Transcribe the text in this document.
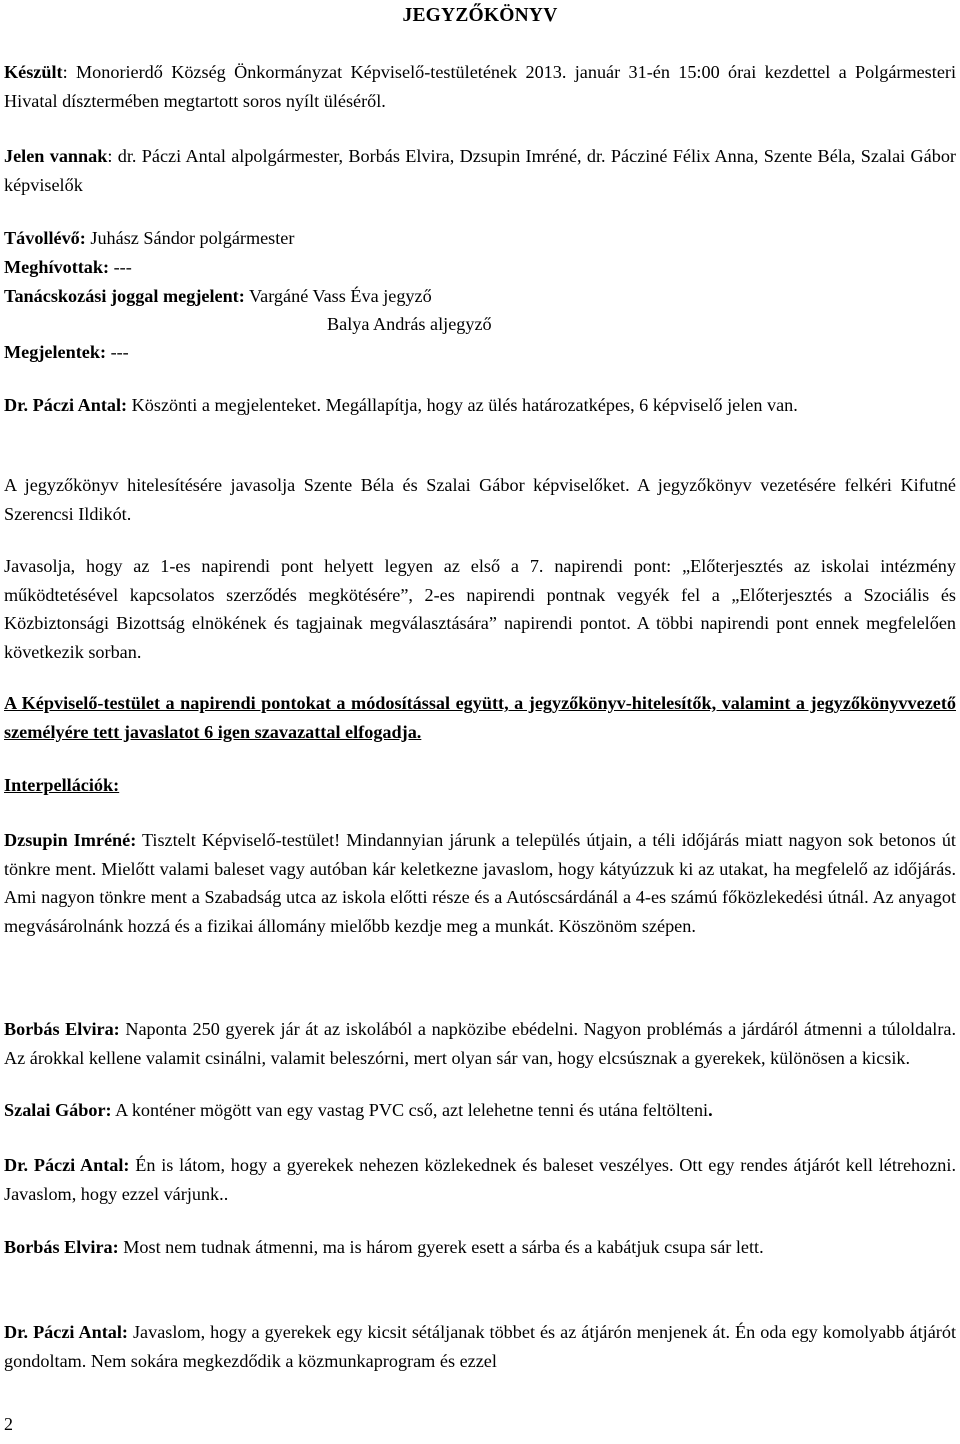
JEGYZŐKÖNYV
Készült: Monorierdő Község Önkormányzat Képviselő-testületének 2013. január 31-én 15:00 órai kezdettel a Polgármesteri Hivatal dísztermében megtartott soros nyílt üléséről.
Jelen vannak: dr. Páczi Antal alpolgármester, Borbás Elvira, Dzsupin Imréné, dr. Pácziné Félix Anna, Szente Béla, Szalai Gábor képviselők
Távollévő: Juhász Sándor polgármester
Meghívottak: ---
Tanácskozási joggal megjelent: Vargáné Vass Éva jegyző
Balya András aljegyző
Megjelentek: ---
Dr. Páczi Antal: Köszönti a megjelenteket. Megállapítja, hogy az ülés határozatképes, 6 képviselő jelen van.
A jegyzőkönyv hitelesítésére javasolja Szente Béla és Szalai Gábor képviselőket. A jegyzőkönyv vezetésére felkéri Kifutné Szerencsi Ildikót.
Javasolja, hogy az 1-es napirendi pont helyett legyen az első a 7. napirendi pont: „Előterjesztés az iskolai intézmény működtetésével kapcsolatos szerződés megkötésére”, 2-es napirendi pontnak vegyék fel a „Előterjesztés a Szociális és Közbiztonsági Bizottság elnökének és tagjainak megválasztására” napirendi pontot. A többi napirendi pont ennek megfelelően következik sorban.
A Képviselő-testület a napirendi pontokat a módosítással együtt, a jegyzőkönyv-hitelesítők, valamint a jegyzőkönyvvezető személyére tett javaslatot 6 igen szavazattal elfogadja.
Interpellációk:
Dzsupin Imréné: Tisztelt Képviselő-testület! Mindannyian járunk a település útjain, a téli időjárás miatt nagyon sok betonos út tönkre ment. Mielőtt valami baleset vagy autóban kár keletkezne javaslom, hogy kátyúzzuk ki az utakat, ha megfelelő az időjárás. Ami nagyon tönkre ment a Szabadság utca az iskola előtti része és a Autóscsárdánál a 4-es számú főközlekedési útnál. Az anyagot megvásárolnánk hozzá és a fizikai állomány mielőbb kezdje meg a munkát. Köszönöm szépen.
Borbás Elvira: Naponta 250 gyerek jár át az iskolából a napközibe ebédelni. Nagyon problémás a járdáról átmenni a túloldalra. Az árokkal kellene valamit csinálni, valamit beleszórni, mert olyan sár van, hogy elcsúsznak a gyerekek, különösen a kicsik.
Szalai Gábor: A konténer mögött van egy vastag PVC cső, azt lelehetne tenni és utána feltölteni.
Dr. Páczi Antal: Én is látom, hogy a gyerekek nehezen közlekednek és baleset veszélyes. Ott egy rendes átjárót kell létrehozni. Javaslom, hogy ezzel várjunk..
Borbás Elvira: Most nem tudnak átmenni, ma is három gyerek esett a sárba és a kabátjuk csupa sár lett.
Dr. Páczi Antal: Javaslom, hogy a gyerekek egy kicsit sétáljanak többet és az átjárón menjenek át. Én oda egy komolyabb átjárót gondoltam. Nem sokára megkezdődik a közmunkaprogram és ezzel
2
